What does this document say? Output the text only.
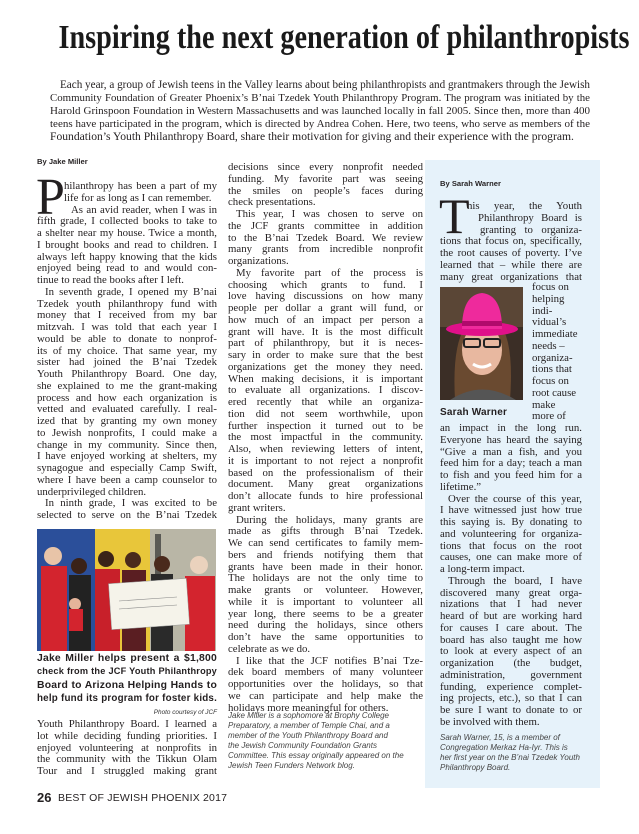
Inspiring the next generation of philanthropists
Each year, a group of Jewish teens in the Valley learns about being philanthropists and grantmakers through the Jewish
Community Foundation of Greater Phoenix’s B’nai Tzedek Youth Philanthropy Program. The program was initiated by the
Harold Grinspoon Foundation in Western Massachusetts and was launched locally in fall 2005. Since then, more than 400
teens have participated in the program, which is directed by Andrea Cohen. Here, two teens, who serve as members of the
Foundation’s Youth Philanthropy Board, share their motivation for giving and their experience with the program.
By Jake Miller
P hilanthropy has been a part of my
life for as long as I can remember.
As an avid reader, when I was in
fifth grade, I collected books to take to
a shelter near my house. Twice a month,
I brought books and read to children. I
always left happy knowing that the kids
enjoyed being read to and would con-
tinue to read the books after I left.
In seventh grade, I opened my B’nai
Tzedek youth philanthropy fund with
money that I received from my bar
mitzvah. I was told that each year I
would be able to donate to nonprof-
its of my choice. That same year, my
sister had joined the B’nai Tzedek
Youth Philanthropy Board. One day,
she explained to me the grant-making
process and how each organization is
vetted and evaluated carefully. I real-
ized that by granting my own money
to Jewish nonprofits, I could make a
change in my community. Since then,
I have enjoyed working at shelters, my
synagogue and especially Camp Swift,
where I have been a camp counselor to
underprivileged children.
In ninth grade, I was excited to be
selected to serve on the B’nai Tzedek
Jake Miller helps present a $1,800
check from the JCF Youth Philanthropy
Board to Arizona Helping Hands to
help fund its program for foster kids.
Photo courtesy of JCF
Youth Philanthropy Board. I learned a
lot while deciding funding priorities. I
enjoyed volunteering at nonprofits in
the community with the Tikkun Olam
Tour and I struggled making grant
decisions since every nonprofit needed
funding. My favorite part was seeing
the smiles on people’s faces during
check presentations.
This year, I was chosen to serve on
the JCF grants committee in addition
to the B’nai Tzedek Board. We review
many grants from incredible nonprofit
organizations.
My favorite part of the process is
choosing which grants to fund. I
love having discussions on how many
people per dollar a grant will fund, or
how much of an impact per person a
grant will have. It is the most difficult
part of philanthropy, but it is neces-
sary in order to make sure that the best
organizations get the money they need.
When making decisions, it is important
to evaluate all organizations. I discov-
ered recently that while an organiza-
tion did not seem worthwhile, upon
further inspection it turned out to be
the most impactful in the community.
Also, when reviewing letters of intent,
it is important to not reject a nonprofit
based on the professionalism of their
document. Many great organizations
don’t allocate funds to hire professional
grant writers.
During the holidays, many grants are
made as gifts through B’nai Tzedek.
We can send certificates to family mem-
bers and friends notifying them that
grants have been made in their honor.
The holidays are not the only time to
make grants or volunteer. However,
while it is important to volunteer all
year long, there seems to be a greater
need during the holidays, since others
don’t have the same opportunities to
celebrate as we do.
I like that the JCF notifies B’nai Tze-
dek board members of many volunteer
opportunities over the holidays, so that
we can participate and help make the
holidays more meaningful for others.
Jake Miller is a sophomore at Brophy College
Preparatory, a member of Temple Chai, and a
member of the Youth Philanthropy Board and
the Jewish Community Foundation Grants
Committee. This essay originally appeared on the
Jewish Teen Funders Network blog.
By Sarah Warner
T
his year, the Youth
Philanthropy Board is
granting to organiza-
tions that focus on, specifically,
the root causes of poverty. I’ve
learned that – while there are
many great organizations that
focus on
helping
indi-
vidual’s
immediate
needs –
organiza-
tions that
focus on
root cause
make
more of
Sarah Warner
an impact in the long run.
Everyone has heard the saying
“Give a man a fish, and you
feed him for a day; teach a man
to fish and you feed him for a
lifetime.”
Over the course of this year,
I have witnessed just how true
this saying is. By donating to
and volunteering for organiza-
tions that focus on the root
causes, one can make more of
a long-term impact.
Through the board, I have
discovered many great orga-
nizations that I had never
heard of but are working hard
for causes I care about. The
board has also taught me how
to look at every aspect of an
organization (the budget,
administration, government
funding, experience complet-
ing projects, etc.), so that I can
be sure I want to donate to or
be involved with them.
Sarah Warner, 15, is a member of
Congregation Merkaz Ha-Iyr. This is
her first year on the B’nai Tzedek Youth
Philanthropy Board.
26 BEST OF JEWISH PHOENIX 2017
